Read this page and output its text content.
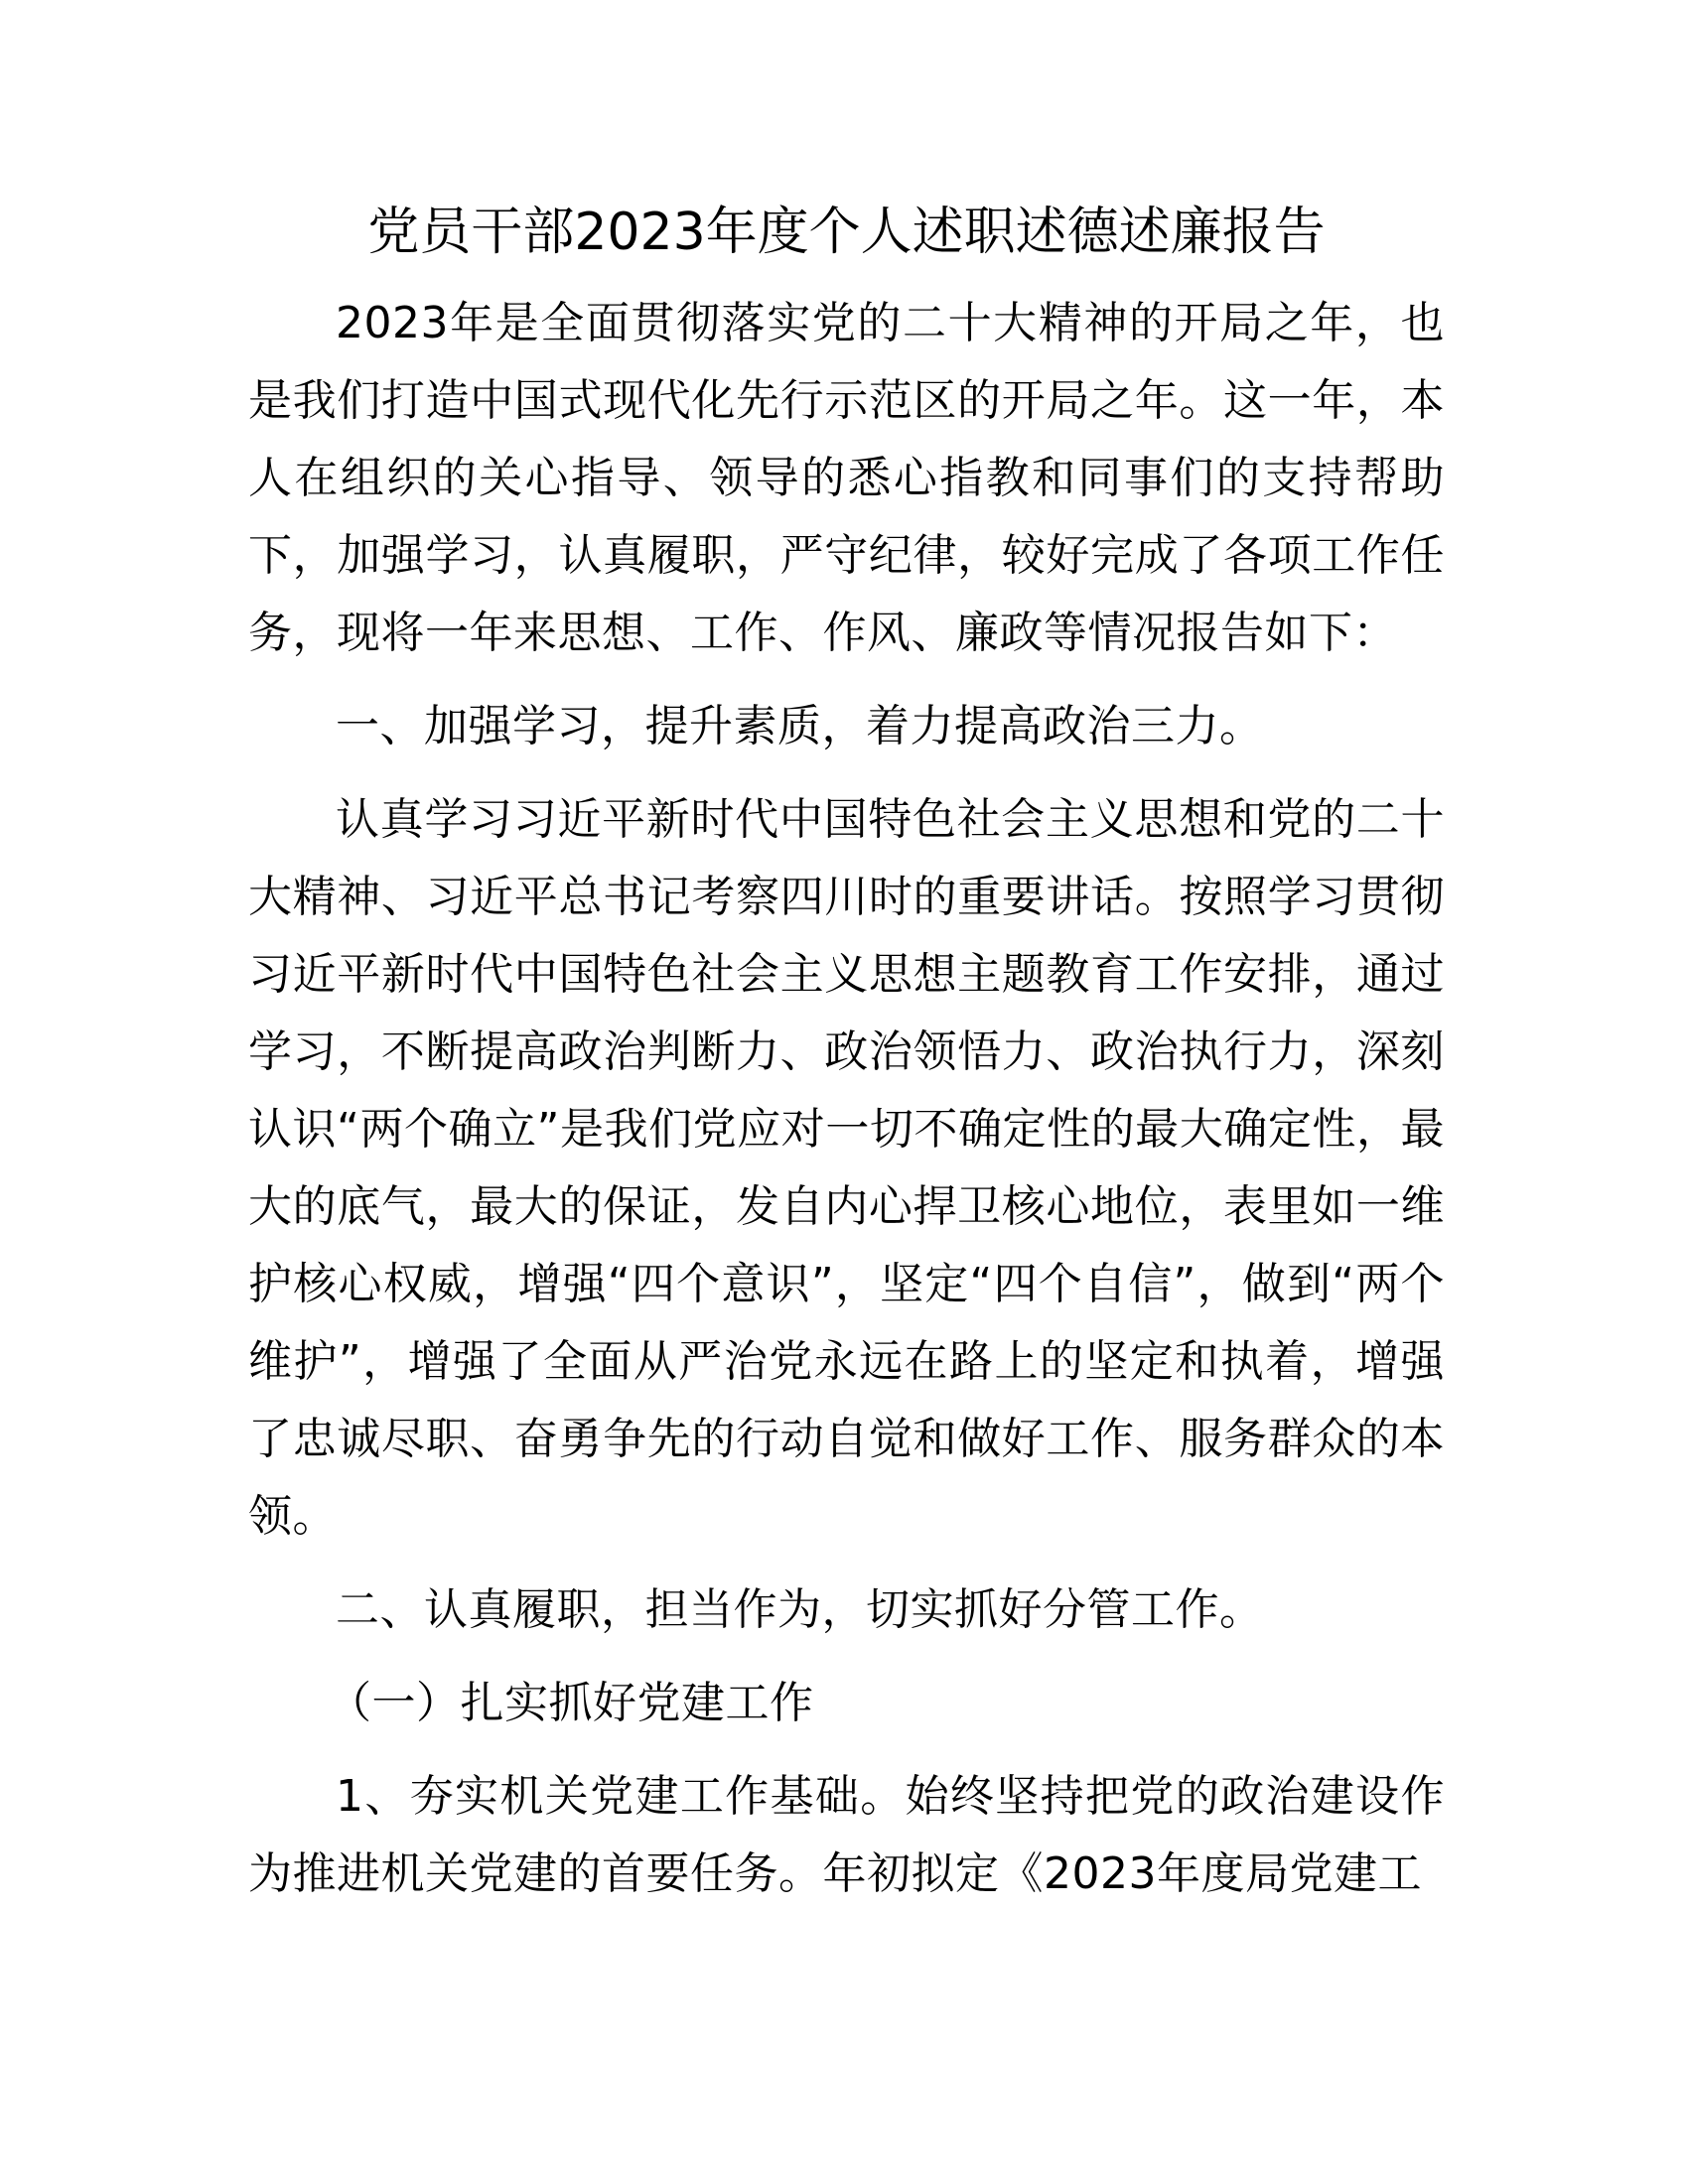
党员干部2023年度个人述职述德述廉报告

2023年是全面贯彻落实党的二十大精神的开局之年，也是我们打造中国式现代化先行示范区的开局之年。这一年，本人在组织的关心指导、领导的悉心指教和同事们的支持帮助下，加强学习，认真履职，严守纪律，较好完成了各项工作任务，现将一年来思想、工作、作风、廉政等情况报告如下：

一、加强学习，提升素质，着力提高政治三力。

认真学习习近平新时代中国特色社会主义思想和党的二十大精神、习近平总书记考察四川时的重要讲话。按照学习贯彻习近平新时代中国特色社会主义思想主题教育工作安排，通过学习，不断提高政治判断力、政治领悟力、政治执行力，深刻认识“两个确立”是我们党应对一切不确定性的最大确定性，最大的底气，最大的保证，发自内心捍卫核心地位，表里如一维护核心权威，增强“四个意识”，坚定“四个自信”，做到“两个维护”，增强了全面从严治党永远在路上的坚定和执着，增强了忠诚尽职、奋勇争先的行动自觉和做好工作、服务群众的本领。

二、认真履职，担当作为，切实抓好分管工作。

（一）扎实抓好党建工作

1、夯实机关党建工作基础。始终坚持把党的政治建设作为推进机关党建的首要任务。年初拟定《2023年度局党建工
